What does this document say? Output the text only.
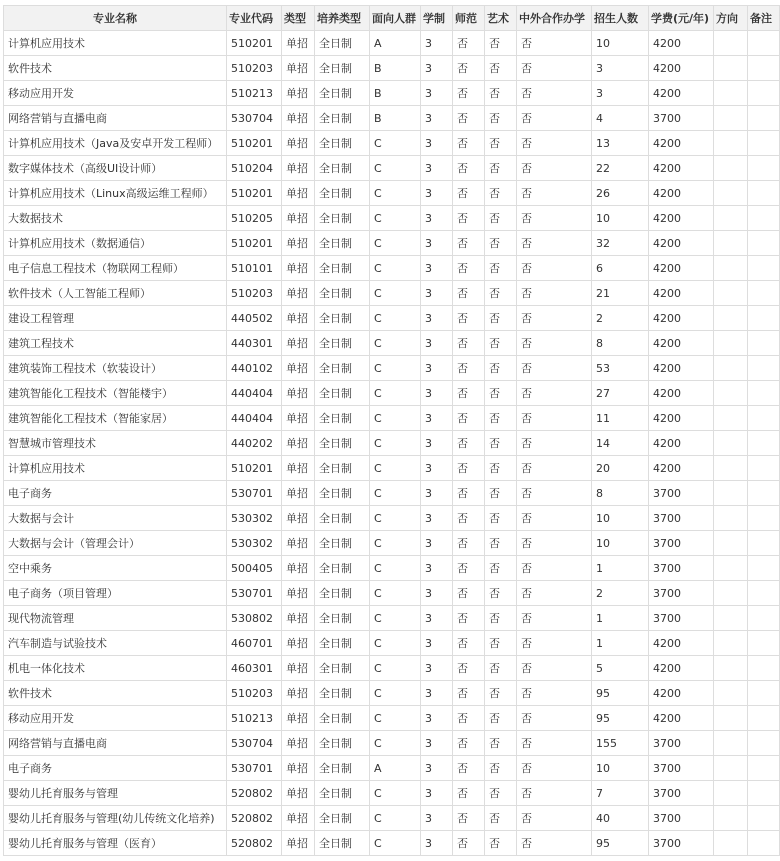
专业名称	专业代码	类型	培养类型	面向人群	学制	师范	艺术	中外合作办学	招生人数	学费(元/年)	方向	备注
计算机应用技术	510201	单招	全日制	A	3	否	否	否	10	4200		
软件技术	510203	单招	全日制	B	3	否	否	否	3	4200		
移动应用开发	510213	单招	全日制	B	3	否	否	否	3	4200		
网络营销与直播电商	530704	单招	全日制	B	3	否	否	否	4	3700		
计算机应用技术（Java及安卓开发工程师）	510201	单招	全日制	C	3	否	否	否	13	4200		
数字媒体技术（高级UI设计师）	510204	单招	全日制	C	3	否	否	否	22	4200		
计算机应用技术（Linux高级运维工程师）	510201	单招	全日制	C	3	否	否	否	26	4200		
大数据技术	510205	单招	全日制	C	3	否	否	否	10	4200		
计算机应用技术（数据通信）	510201	单招	全日制	C	3	否	否	否	32	4200		
电子信息工程技术（物联网工程师）	510101	单招	全日制	C	3	否	否	否	6	4200		
软件技术（人工智能工程师）	510203	单招	全日制	C	3	否	否	否	21	4200		
建设工程管理	440502	单招	全日制	C	3	否	否	否	2	4200		
建筑工程技术	440301	单招	全日制	C	3	否	否	否	8	4200		
建筑装饰工程技术（软装设计）	440102	单招	全日制	C	3	否	否	否	53	4200		
建筑智能化工程技术（智能楼宇）	440404	单招	全日制	C	3	否	否	否	27	4200		
建筑智能化工程技术（智能家居）	440404	单招	全日制	C	3	否	否	否	11	4200		
智慧城市管理技术	440202	单招	全日制	C	3	否	否	否	14	4200		
计算机应用技术	510201	单招	全日制	C	3	否	否	否	20	4200		
电子商务	530701	单招	全日制	C	3	否	否	否	8	3700		
大数据与会计	530302	单招	全日制	C	3	否	否	否	10	3700		
大数据与会计（管理会计）	530302	单招	全日制	C	3	否	否	否	10	3700		
空中乘务	500405	单招	全日制	C	3	否	否	否	1	3700		
电子商务（项目管理）	530701	单招	全日制	C	3	否	否	否	2	3700		
现代物流管理	530802	单招	全日制	C	3	否	否	否	1	3700		
汽车制造与试验技术	460701	单招	全日制	C	3	否	否	否	1	4200		
机电一体化技术	460301	单招	全日制	C	3	否	否	否	5	4200		
软件技术	510203	单招	全日制	C	3	否	否	否	95	4200		
移动应用开发	510213	单招	全日制	C	3	否	否	否	95	4200		
网络营销与直播电商	530704	单招	全日制	C	3	否	否	否	155	3700		
电子商务	530701	单招	全日制	A	3	否	否	否	10	3700		
婴幼儿托育服务与管理	520802	单招	全日制	C	3	否	否	否	7	3700		
婴幼儿托育服务与管理(幼儿传统文化培养)	520802	单招	全日制	C	3	否	否	否	40	3700		
婴幼儿托育服务与管理（医育）	520802	单招	全日制	C	3	否	否	否	95	3700		
